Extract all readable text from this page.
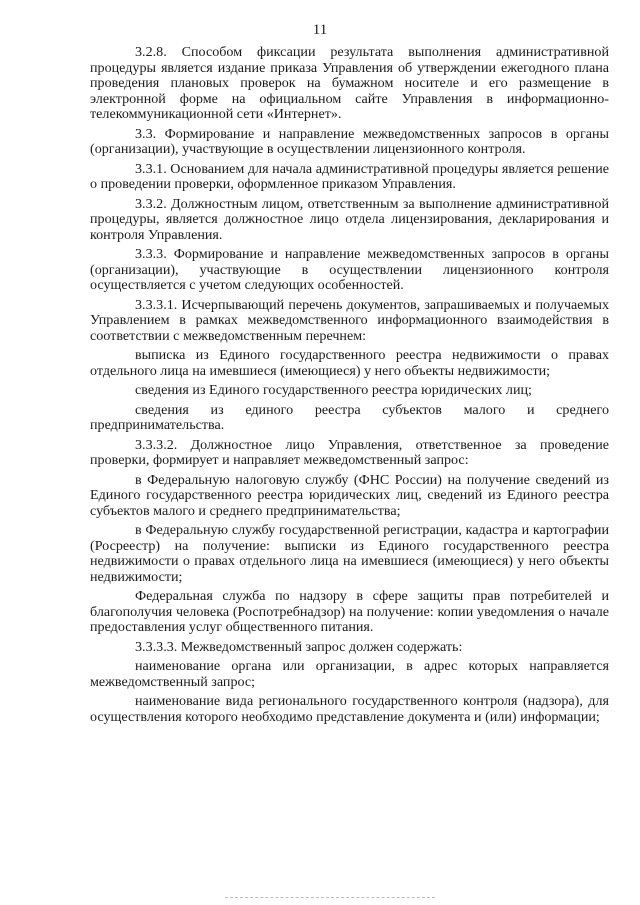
11

3.2.8. Способом фиксации результата выполнения административной процедуры является издание приказа Управления об утверждении ежегодного плана проведения плановых проверок на бумажном носителе и его размещение в электронной форме на официальном сайте Управления в информационно-телекоммуникационной сети «Интернет».

3.3. Формирование и направление межведомственных запросов в органы (организации), участвующие в осуществлении лицензионного контроля.

3.3.1. Основанием для начала административной процедуры является решение о проведении проверки, оформленное приказом Управления.

3.3.2. Должностным лицом, ответственным за выполнение административной процедуры, является должностное лицо отдела лицензирования, декларирования и контроля Управления.

3.3.3. Формирование и направление межведомственных запросов в органы (организации), участвующие в осуществлении лицензионного контроля осуществляется с учетом следующих особенностей.

3.3.3.1. Исчерпывающий перечень документов, запрашиваемых и получаемых Управлением в рамках межведомственного информационного взаимодействия в соответствии с межведомственным перечнем:

выписка из Единого государственного реестра недвижимости о правах отдельного лица на имевшиеся (имеющиеся) у него объекты недвижимости;

сведения из Единого государственного реестра юридических лиц;

сведения из единого реестра субъектов малого и среднего предпринимательства.

3.3.3.2. Должностное лицо Управления, ответственное за проведение проверки, формирует и направляет межведомственный запрос:

в Федеральную налоговую службу (ФНС России) на получение сведений из Единого государственного реестра юридических лиц, сведений из Единого реестра субъектов малого и среднего предпринимательства;

в Федеральную службу государственной регистрации, кадастра и картографии (Росреестр) на получение: выписки из Единого государственного реестра недвижимости о правах отдельного лица на имевшиеся (имеющиеся) у него объекты недвижимости;

Федеральная служба по надзору в сфере защиты прав потребителей и благополучия человека (Роспотребнадзор) на получение: копии уведомления о начале предоставления услуг общественного питания.

3.3.3.3. Межведомственный запрос должен содержать:

наименование органа или организации, в адрес которых направляется межведомственный запрос;

наименование вида регионального государственного контроля (надзора), для осуществления которого необходимо представление документа и (или) информации;
